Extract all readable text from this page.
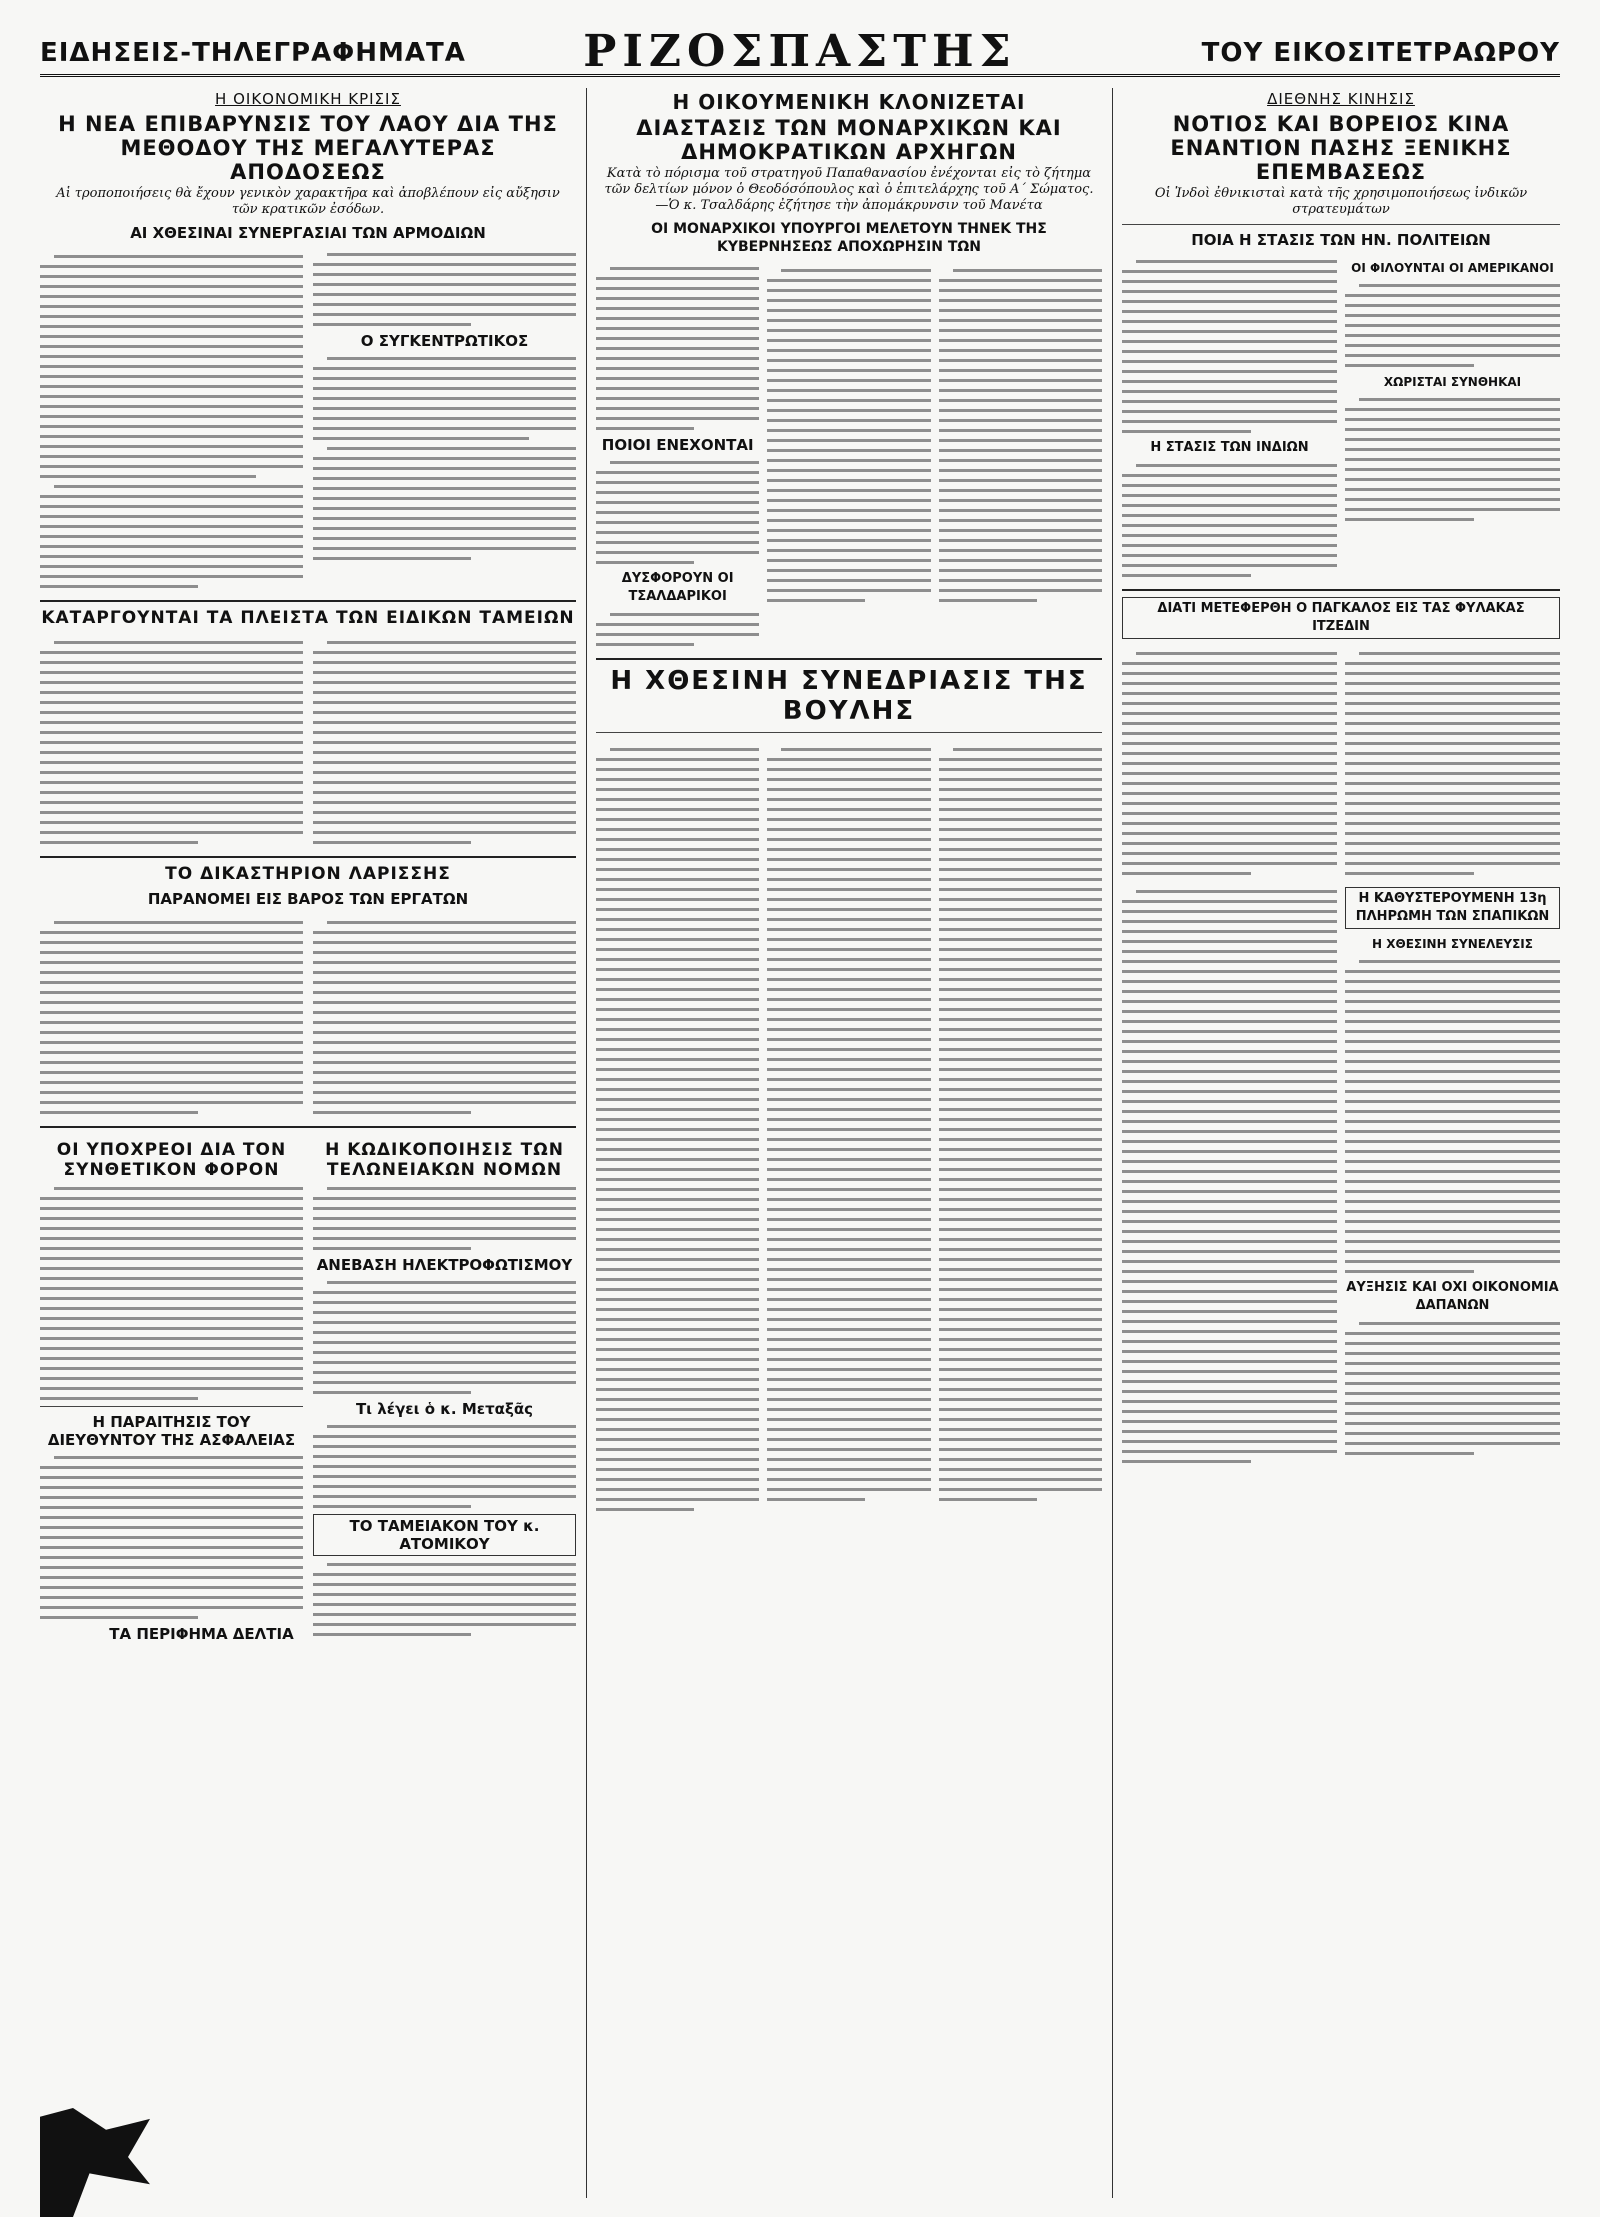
ΕΙΔΗΣΕΙΣ-ΤΗΛΕΓΡΑΦΗΜΑΤΑ	ΡΙΖΟΣΠΑΣΤΗΣ	ΤΟΥ ΕΙΚΟΣΙΤΕΤΡΑΩΡΟΥ
Η ΟΙΚΟΝΟΜΙΚΗ ΚΡΙΣΙΣ
Η ΝΕΑ ΕΠΙΒΑΡΥΝΣΙΣ ΤΟΥ ΛΑΟΥ ΔΙΑ ΤΗΣ ΜΕΘΟΔΟΥ ΤΗΣ ΜΕΓΑΛΥΤΕΡΑΣ ΑΠΟΔΟΣΕΩΣ
Αἱ τροποποιήσεις θὰ ἔχουν γενικὸν χαρακτῆρα καὶ ἀποβλέπουν εἰς αὔξησιν τῶν κρατικῶν ἐσόδων.
ΑΙ ΧΘΕΣΙΝΑΙ ΣΥΝΕΡΓΑΣΙΑΙ ΤΩΝ ΑΡΜΟΔΙΩΝ
Ο ΣΥΓΚΕΝΤΡΩΤΙΚΟΣ
ΚΑΤΑΡΓΟΥΝΤΑΙ ΤΑ ΠΛΕΙΣΤΑ ΤΩΝ ΕΙΔΙΚΩΝ ΤΑΜΕΙΩΝ
ΤΟ ΔΙΚΑΣΤΗΡΙΟΝ ΛΑΡΙΣΣΗΣ
ΠΑΡΑΝΟΜΕΙ ΕΙΣ ΒΑΡΟΣ ΤΩΝ ΕΡΓΑΤΩΝ
ΟΙ ΥΠΟΧΡΕΟΙ ΔΙΑ ΤΟΝ ΣΥΝΘΕΤΙΚΟΝ ΦΟΡΟΝ
Η ΠΑΡΑΙΤΗΣΙΣ ΤΟΥ ΔΙΕΥΘΥΝΤΟΥ ΤΗΣ ΑΣΦΑΛΕΙΑΣ
ΤΑ ΠΕΡΙΦΗΜΑ ΔΕΛΤΙΑ
Η ΚΩΔΙΚΟΠΟΙΗΣΙΣ ΤΩΝ ΤΕΛΩΝΕΙΑΚΩΝ ΝΟΜΩΝ
ΑΝΕΒΑΣΗ ΗΛΕΚΤΡΟΦΩΤΙΣΜΟΥ
Τι λέγει ὁ κ. Μεταξᾶς
ΤΟ ΤΑΜΕΙΑΚΟΝ ΤΟΥ κ. ΑΤΟΜΙΚΟΥ
Η ΟΙΚΟΥΜΕΝΙΚΗ ΚΛΟΝΙΖΕΤΑΙ
ΔΙΑΣΤΑΣΙΣ ΤΩΝ ΜΟΝΑΡΧΙΚΩΝ ΚΑΙ ΔΗΜΟΚΡΑΤΙΚΩΝ ΑΡΧΗΓΩΝ
Κατὰ τὸ πόρισμα τοῦ στρατηγοῦ Παπαθανασίου ἐνέχονται εἰς τὸ ζήτημα τῶν δελτίων μόνον ὁ Θεοδόσόπουλος καὶ ὁ ἐπιτελάρχης τοῦ Α΄ Σώματος.—Ὁ κ. Τσαλδάρης ἐζήτησε τὴν ἀπομάκρυνσιν τοῦ Μανέτα
ΟΙ ΜΟΝΑΡΧΙΚΟΙ ΥΠΟΥΡΓΟΙ ΜΕΛΕΤΟΥΝ ΤΗΝΕΚ ΤΗΣ ΚΥΒΕΡΝΗΣΕΩΣ ΑΠΟΧΩΡΗΣΙΝ ΤΩΝ
ΠΟΙΟΙ ΕΝΕΧΟΝΤΑΙ
ΔΥΣΦΟΡΟΥΝ ΟΙ ΤΣΑΛΔΑΡΙΚΟΙ
Η ΧΘΕΣΙΝΗ ΣΥΝΕΔΡΙΑΣΙΣ ΤΗΣ ΒΟΥΛΗΣ
ΔΙΕΘΝΗΣ ΚΙΝΗΣΙΣ
ΝΟΤΙΟΣ ΚΑΙ ΒΟΡΕΙΟΣ ΚΙΝΑ ΕΝΑΝΤΙΟΝ ΠΑΣΗΣ ΞΕΝΙΚΗΣ ΕΠΕΜΒΑΣΕΩΣ
Οἱ Ἰνδοὶ ἐθνικισταὶ κατὰ τῆς χρησιμοποιήσεως ἰνδικῶν στρατευμάτων
ΠΟΙΑ Η ΣΤΑΣΙΣ ΤΩΝ ΗΝ. ΠΟΛΙΤΕΙΩΝ
Η ΣΤΑΣΙΣ ΤΩΝ ΙΝΔΙΩΝ
ΟΙ ΦΙΛΟΥΝΤΑΙ ΟΙ ΑΜΕΡΙΚΑΝΟΙ
ΧΩΡΙΣΤΑΙ ΣΥΝΘΗΚΑΙ
ΔΙΑΤΙ ΜΕΤΕΦΕΡΘΗ Ο ΠΑΓΚΑΛΟΣ ΕΙΣ ΤΑΣ ΦΥΛΑΚΑΣ ΙΤΖΕΔΙΝ
Η ΚΑΘΥΣΤΕΡΟΥΜΕΝΗ 13η ΠΛΗΡΩΜΗ ΤΩΝ ΣΠΑΠΙΚΩΝ
Η ΧΘΕΣΙΝΗ ΣΥΝΕΛΕΥΣΙΣ
ΑΥΞΗΣΙΣ ΚΑΙ ΟΧΙ ΟΙΚΟΝΟΜΙΑ ΔΑΠΑΝΩΝ
